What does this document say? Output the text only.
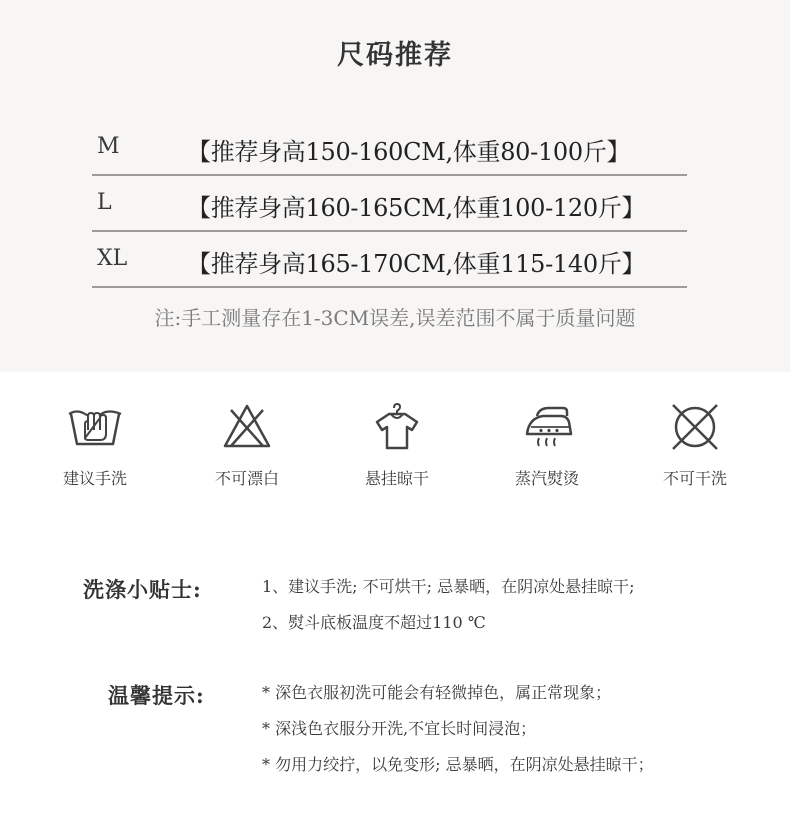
尺码推荐
M	【推荐身高150-160CM,体重80-100斤】
L	【推荐身高160-165CM,体重100-120斤】
XL 【推荐身高165-170CM,体重115-140斤】
注:手工测量存在1-3CM误差,误差范围不属于质量问题
建议手洗	不可漂白	悬挂晾干	蒸汽熨烫	不可干洗
洗涤小贴士:	1、建议手洗; 不可烘干; 忌暴晒，在阴凉处悬挂晾干;
2、熨斗底板温度不超过110 ℃
温馨提示:	* 深色衣服初洗可能会有轻微掉色，属正常现象；
* 深浅色衣服分开洗,不宜长时间浸泡；
* 勿用力绞拧，以免变形; 忌暴晒，在阴凉处悬挂晾干；
